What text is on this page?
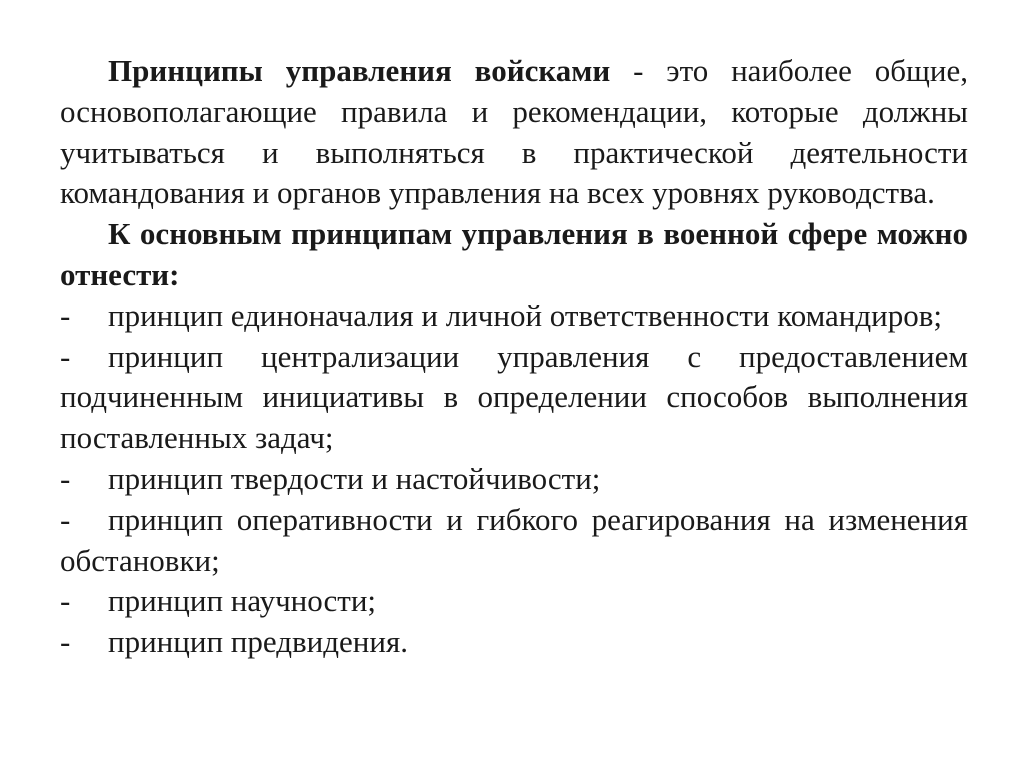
Принципы управления войсками - это наиболее общие, основополагающие правила и рекомендации, которые должны учитываться и выполняться в практической деятельности командования и органов управления на всех уровнях руководства.

К основным принципам управления в военной сфере можно отнести:

- принцип единоначалия и личной ответственности командиров;

- принцип централизации управления с предоставлением подчиненным инициативы в определении способов выполнения поставленных задач;

- принцип твердости и настойчивости;

- принцип оперативности и гибкого реагирования на изменения обстановки;

- принцип научности;

- принцип предвидения.
